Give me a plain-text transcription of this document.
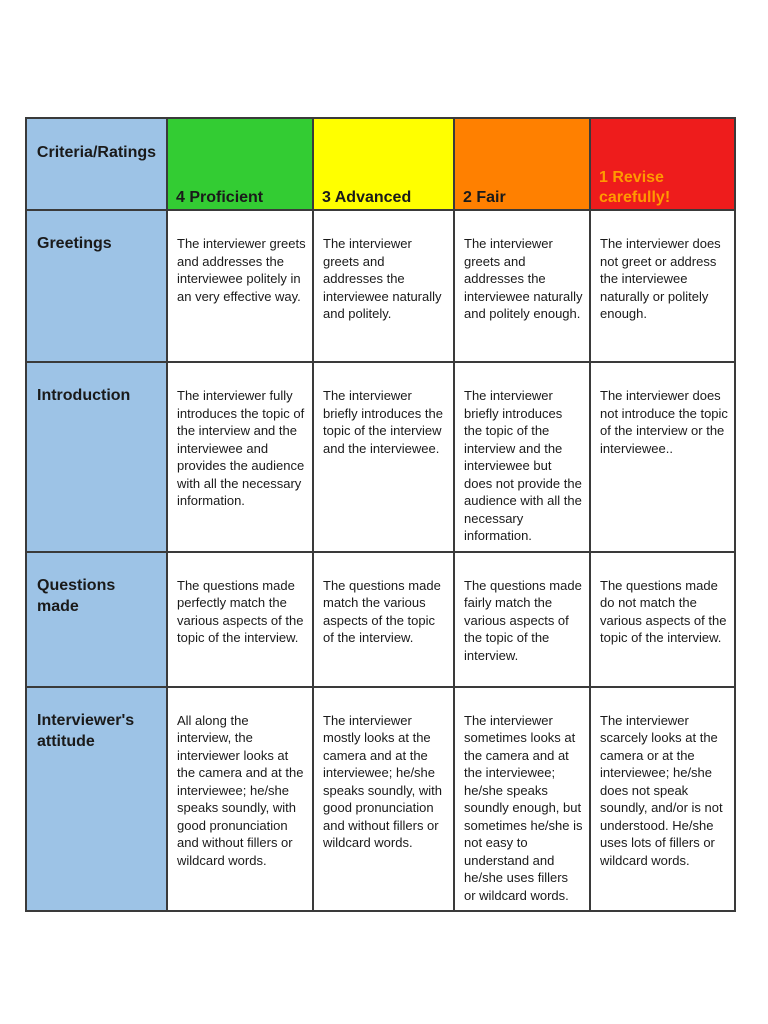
Criteria/Ratings	4 Proficient	3 Advanced	2 Fair	1 Revise carefully!

Greetings	The interviewer greets and addresses the interviewee politely in an very effective way.	The interviewer greets and addresses the interviewee naturally and politely.	The interviewer greets and addresses the interviewee naturally and politely enough.	The interviewer does not greet or address the interviewee naturally or politely enough.

Introduction	The interviewer fully introduces the topic of the interview and the interviewee and provides the audience with all the necessary information.	The interviewer briefly introduces the topic of the interview and the interviewee.	The interviewer briefly introduces the topic of the interview and the interviewee but does not provide the audience with all the necessary information.	The interviewer does not introduce the topic of the interview or the interviewee..

Questions made	The questions made perfectly match the various aspects of the topic of the interview.	The questions made match the various aspects of the topic of the interview.	The questions made fairly match the various aspects of the topic of the interview.	The questions made do not match the various aspects of the topic of the interview.

Interviewer's attitude	All along the interview, the interviewer looks at the camera and at the interviewee; he/she speaks soundly, with good pronunciation and without fillers or wildcard words.	The interviewer mostly looks at the camera and at the interviewee; he/she speaks soundly, with good pronunciation and without fillers or wildcard words.	The interviewer sometimes looks at the camera and at the interviewee; he/she speaks soundly enough, but sometimes he/she is not easy to understand and he/she uses fillers or wildcard words.	The interviewer scarcely looks at the camera or at the interviewee; he/she does not speak soundly, and/or is not understood. He/she uses lots of fillers or wildcard words.
